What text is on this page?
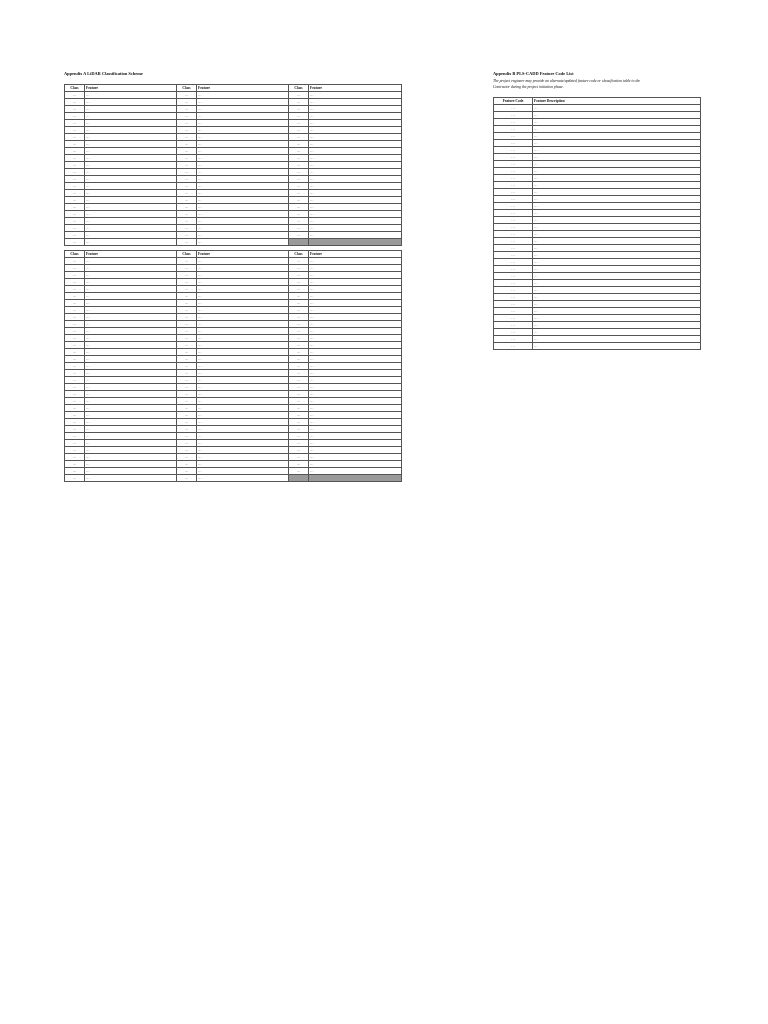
Appendix A LiDAR Classification Scheme
Class	Feature	Class	Feature	Class	Feature
…	…	…	…	…	…
…	…	…	…	…	…
…	…	…	…	…	…
…	…	…	…	…	…
…	…	…	…	…	…
…	…	…	…	…	…
…	…	…	…	…	…
…	…	…	…	…	…
…	…	…	…	…	…
…	…	…	…	…	…
…	…	…	…	…	…
…	…	…	…	…	…
…	…	…	…	…	…
…	…	…	…	…	…
…	…	…	…	…	…
…	…	…	…	…	…
…	…	…	…	…	…
…	…	…	…	…	…
…	…	…	…	…	…
…	…	…	…	…	…
…	…	…	…	…	…
…	…	…	…		
Class	Feature	Class	Feature	Class	Feature
…	…	…	…	…	…
…	…	…	…	…	…
…	…	…	…	…	…
…	…	…	…	…	…
…	…	…	…	…	…
…	…	…	…	…	…
…	…	…	…	…	…
…	…	…	…	…	…
…	…	…	…	…	…
…	…	…	…	…	…
…	…	…	…	…	…
…	…	…	…	…	…
…	…	…	…	…	…
…	…	…	…	…	…
…	…	…	…	…	…
…	…	…	…	…	…
…	…	…	…	…	…
…	…	…	…	…	…
…	…	…	…	…	…
…	…	…	…	…	…
…	…	…	…	…	…
…	…	…	…	…	…
…	…	…	…	…	…
…	…	…	…	…	…
…	…	…	…	…	…
…	…	…	…	…	…
…	…	…	…	…	…
…	…	…	…	…	…
…	…	…	…	…	…
…	…	…	…	…	…
…	…	…	…	…	…
…	…	…	…		
Appendix B PLS-CADD Feature Code List
The project engineer may provide an alternate/updated feature code or classification table to the
Contractor during the project initiation phase.
Feature Code	Feature Description
…	…
…	…
…	…
…	…
…	…
…	…
…	…
…	…
…	…
…	…
…	…
…	…
…	…
…	…
…	…
…	…
…	…
…	…
…	…
…	…
…	…
…	…
…	…
…	…
…	…
…	…
…	…
…	…
…	…
…	…
…	…
…	…
…	…
…	…
…	…
